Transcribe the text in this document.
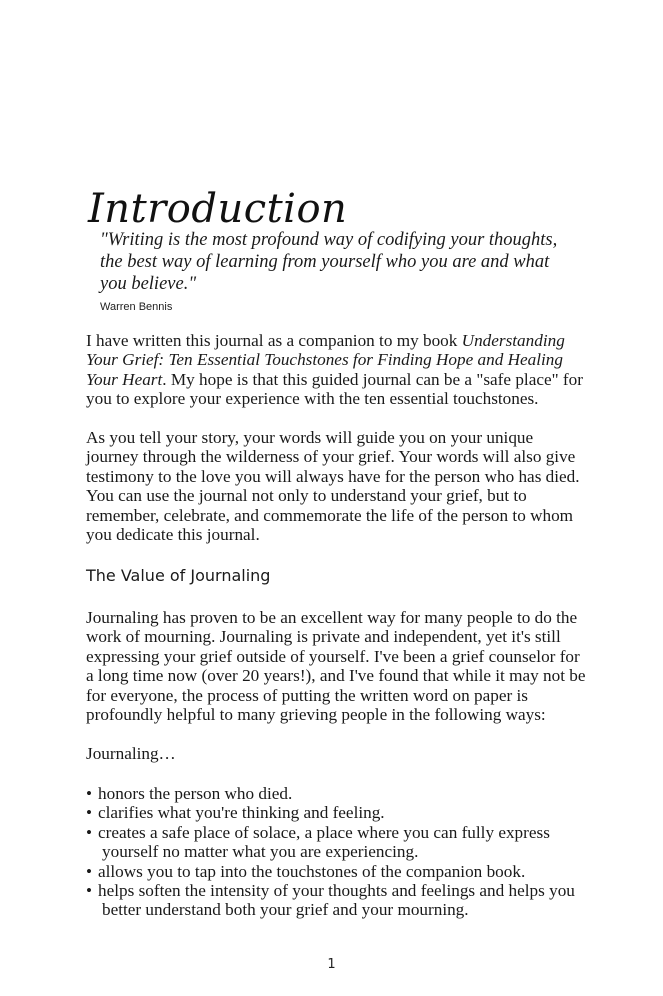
Introduction

"Writing is the most profound way of codifying your thoughts, the best way of learning from yourself who you are and what you believe."

Warren Bennis

I have written this journal as a companion to my book Understanding Your Grief: Ten Essential Touchstones for Finding Hope and Healing Your Heart. My hope is that this guided journal can be a "safe place" for you to explore your experience with the ten essential touchstones.

As you tell your story, your words will guide you on your unique journey through the wilderness of your grief. Your words will also give testimony to the love you will always have for the person who has died. You can use the journal not only to understand your grief, but to remember, celebrate, and commemorate the life of the person to whom you dedicate this journal.

The Value of Journaling

Journaling has proven to be an excellent way for many people to do the work of mourning. Journaling is private and independent, yet it's still expressing your grief outside of yourself. I've been a grief counselor for a long time now (over 20 years!), and I've found that while it may not be for everyone, the process of putting the written word on paper is profoundly helpful to many grieving people in the following ways:

Journaling…

• honors the person who died.
• clarifies what you're thinking and feeling.
• creates a safe place of solace, a place where you can fully express yourself no matter what you are experiencing.
• allows you to tap into the touchstones of the companion book.
• helps soften the intensity of your thoughts and feelings and helps you better understand both your grief and your mourning.
1
